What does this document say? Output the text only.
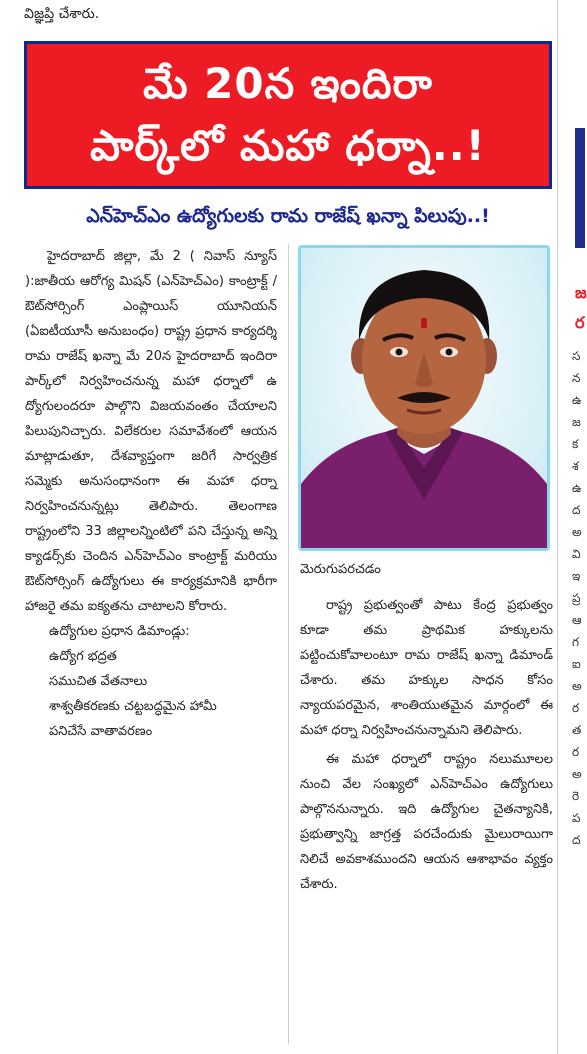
విజ్ఞప్తి చేశారు.
మే 20న ఇందిరా
పార్క్‌లో మహా ధర్నా..!
ఎన్‌హెచ్‌ఎం ఉద్యోగులకు రామ రాజేష్ ఖన్నా పిలుపు..!

హైదరాబాద్ జిల్లా, మే 2 ( నివాస్ న్యూస్ ):జాతీయ ఆరోగ్య మిషన్ (ఎన్‌హెచ్‌ఎం) కాంట్రాక్ట్ / ఔట్‌సోర్సింగ్ ఎంప్లాయిస్ యూనియన్ (ఏఐటీయూసీ అనుబంధం) రాష్ట్ర ప్రధాన కార్యదర్శి రామ రాజేష్ ఖన్నా మే 20న హైదరాబాద్ ఇందిరా పార్క్‌లో నిర్వహించనున్న మహా ధర్నాలో ఉ ద్యోగులందరూ పాల్గొని విజయవంతం చేయాలని పిలుపునిచ్చారు. విలేకరుల సమావేశంలో ఆయన మాట్లాడుతూ, దేశవ్యాప్తంగా జరిగే సార్వత్రిక సమ్మెకు అనుసంధానంగా ఈ మహా ధర్నా నిర్వహించనున్నట్లు తెలిపారు. తెలంగాణ రాష్ట్రంలోని 33 జిల్లాలన్నింటిలో పని చేస్తున్న అన్ని క్యాడర్స్‌కు చెందిన ఎన్‌హెచ్‌ఎం కాంట్రాక్ట్ మరియు ఔట్‌సోర్సింగ్ ఉద్యోగులు ఈ కార్యక్రమానికి భారీగా హాజరై తమ ఐక్యతను చాటాలని కోరారు.

ఉద్యోగుల ప్రధాన డిమాండ్లు:
ఉద్యోగ భద్రత
సముచిత వేతనాలు
శాశ్వతీకరణకు చట్టబద్ధమైన హామీ
పనిచేసే వాతావరణం
మెరుగుపరచడం

రాష్ట్ర ప్రభుత్వంతో పాటు కేంద్ర ప్రభుత్వం కూడా తమ ప్రాథమిక హక్కులను పట్టించుకోవాలంటూ రామ రాజేష్ ఖన్నా డిమాండ్ చేశారు. తమ హక్కుల సాధన కోసం న్యాయపరమైన, శాంతియుతమైన మార్గంలో ఈ మహా ధర్నా నిర్వహించనున్నామని తెలిపారు.

ఈ మహా ధర్నాలో రాష్ట్రం నలుమూలల నుంచి వేల సంఖ్యలో ఎన్‌హెచ్‌ఎం ఉద్యోగులు పాల్గొననున్నారు. ఇది ఉద్యోగుల చైతన్యానికి, ప్రభుత్వాన్ని జాగ్రత్త పరచేందుకు మైలురాయిగా నిలిచే అవకాశముందని ఆయన ఆశాభావం వ్యక్తం చేశారు.

జ
ర
స
న
ఉ
జ
క
శ
ఉ
ద
అ
వి
ఇ
ప్ర
ఆ
గ
ఐ
అ
ర
త
ర
అ
రె
ప
ద
